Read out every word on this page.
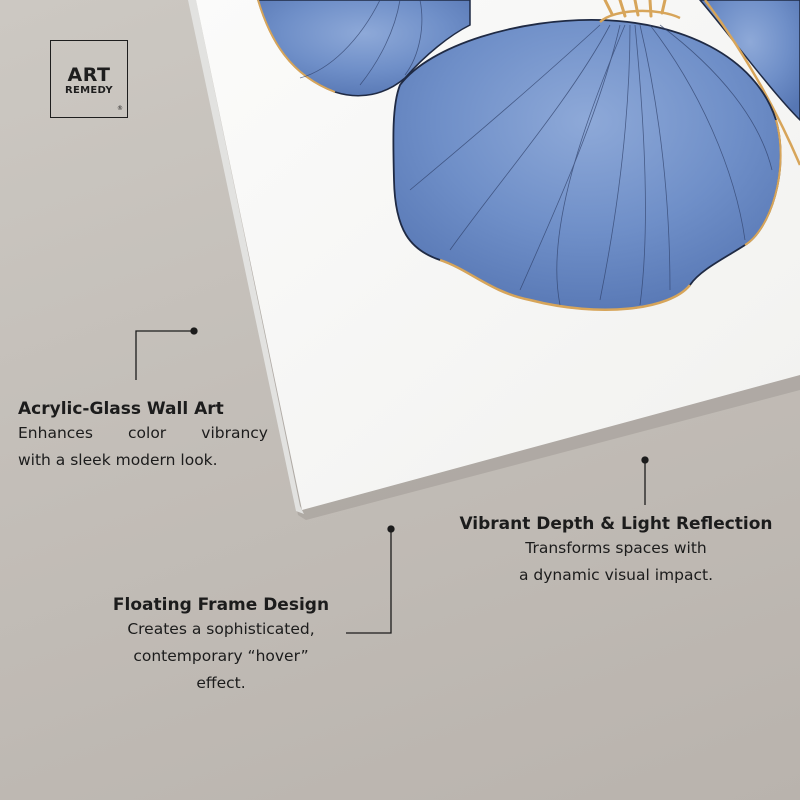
ART
REMEDY
®
Acrylic-Glass Wall Art
Enhances color vibrancy
with a sleek modern look.
Vibrant Depth & Light Reflection
Transforms spaces with
a dynamic visual impact.
Floating Frame Design
Creates a sophisticated,
contemporary “hover”
effect.
